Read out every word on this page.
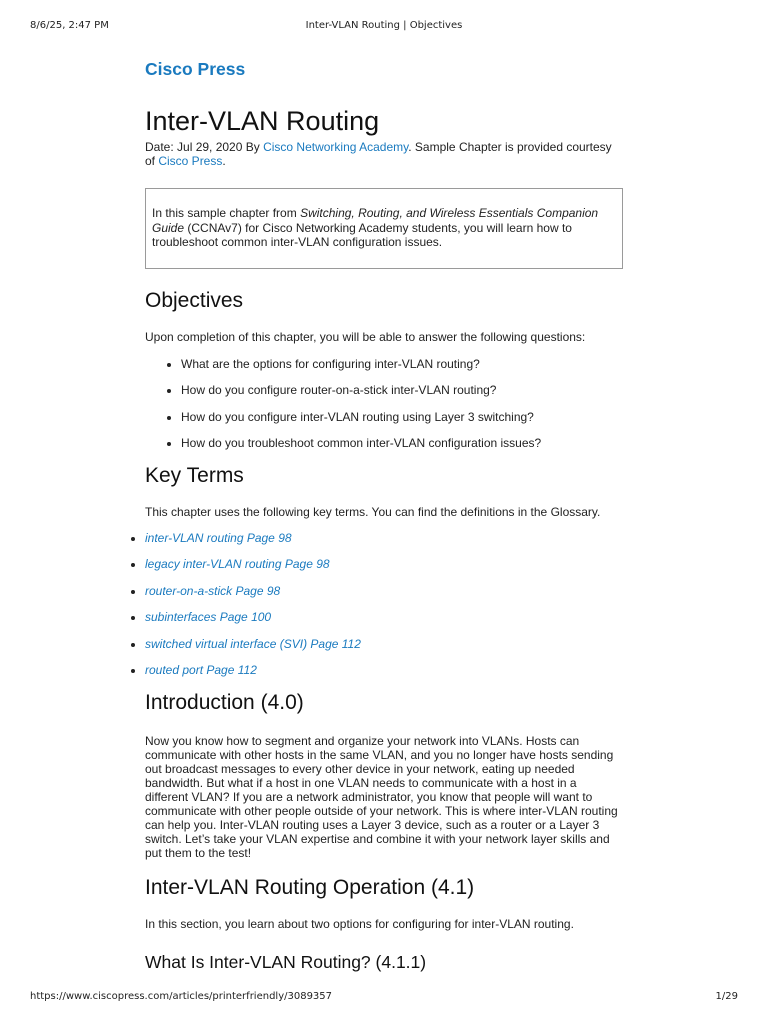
8/6/25, 2:47 PM	Inter-VLAN Routing | Objectives
Cisco Press
Inter-VLAN Routing

Date: Jul 29, 2020 By Cisco Networking Academy. Sample Chapter is provided courtesy of Cisco Press.

In this sample chapter from Switching, Routing, and Wireless Essentials Companion Guide (CCNAv7) for Cisco Networking Academy students, you will learn how to troubleshoot common inter-VLAN configuration issues.
Objectives

Upon completion of this chapter, you will be able to answer the following questions:

• What are the options for configuring inter-VLAN routing?
• How do you configure router-on-a-stick inter-VLAN routing?
• How do you configure inter-VLAN routing using Layer 3 switching?
• How do you troubleshoot common inter-VLAN configuration issues?
Key Terms

This chapter uses the following key terms. You can find the definitions in the Glossary.

• inter-VLAN routing Page 98
• legacy inter-VLAN routing Page 98
• router-on-a-stick Page 98
• subinterfaces Page 100
• switched virtual interface (SVI) Page 112
• routed port Page 112
Introduction (4.0)

Now you know how to segment and organize your network into VLANs. Hosts can communicate with other hosts in the same VLAN, and you no longer have hosts sending out broadcast messages to every other device in your network, eating up needed bandwidth. But what if a host in one VLAN needs to communicate with a host in a different VLAN? If you are a network administrator, you know that people will want to communicate with other people outside of your network. This is where inter-VLAN routing can help you. Inter-VLAN routing uses a Layer 3 device, such as a router or a Layer 3 switch. Let’s take your VLAN expertise and combine it with your network layer skills and put them to the test!

Inter-VLAN Routing Operation (4.1)

In this section, you learn about two options for configuring for inter-VLAN routing.

What Is Inter-VLAN Routing? (4.1.1)
https://www.ciscopress.com/articles/printerfriendly/3089357	1/29
